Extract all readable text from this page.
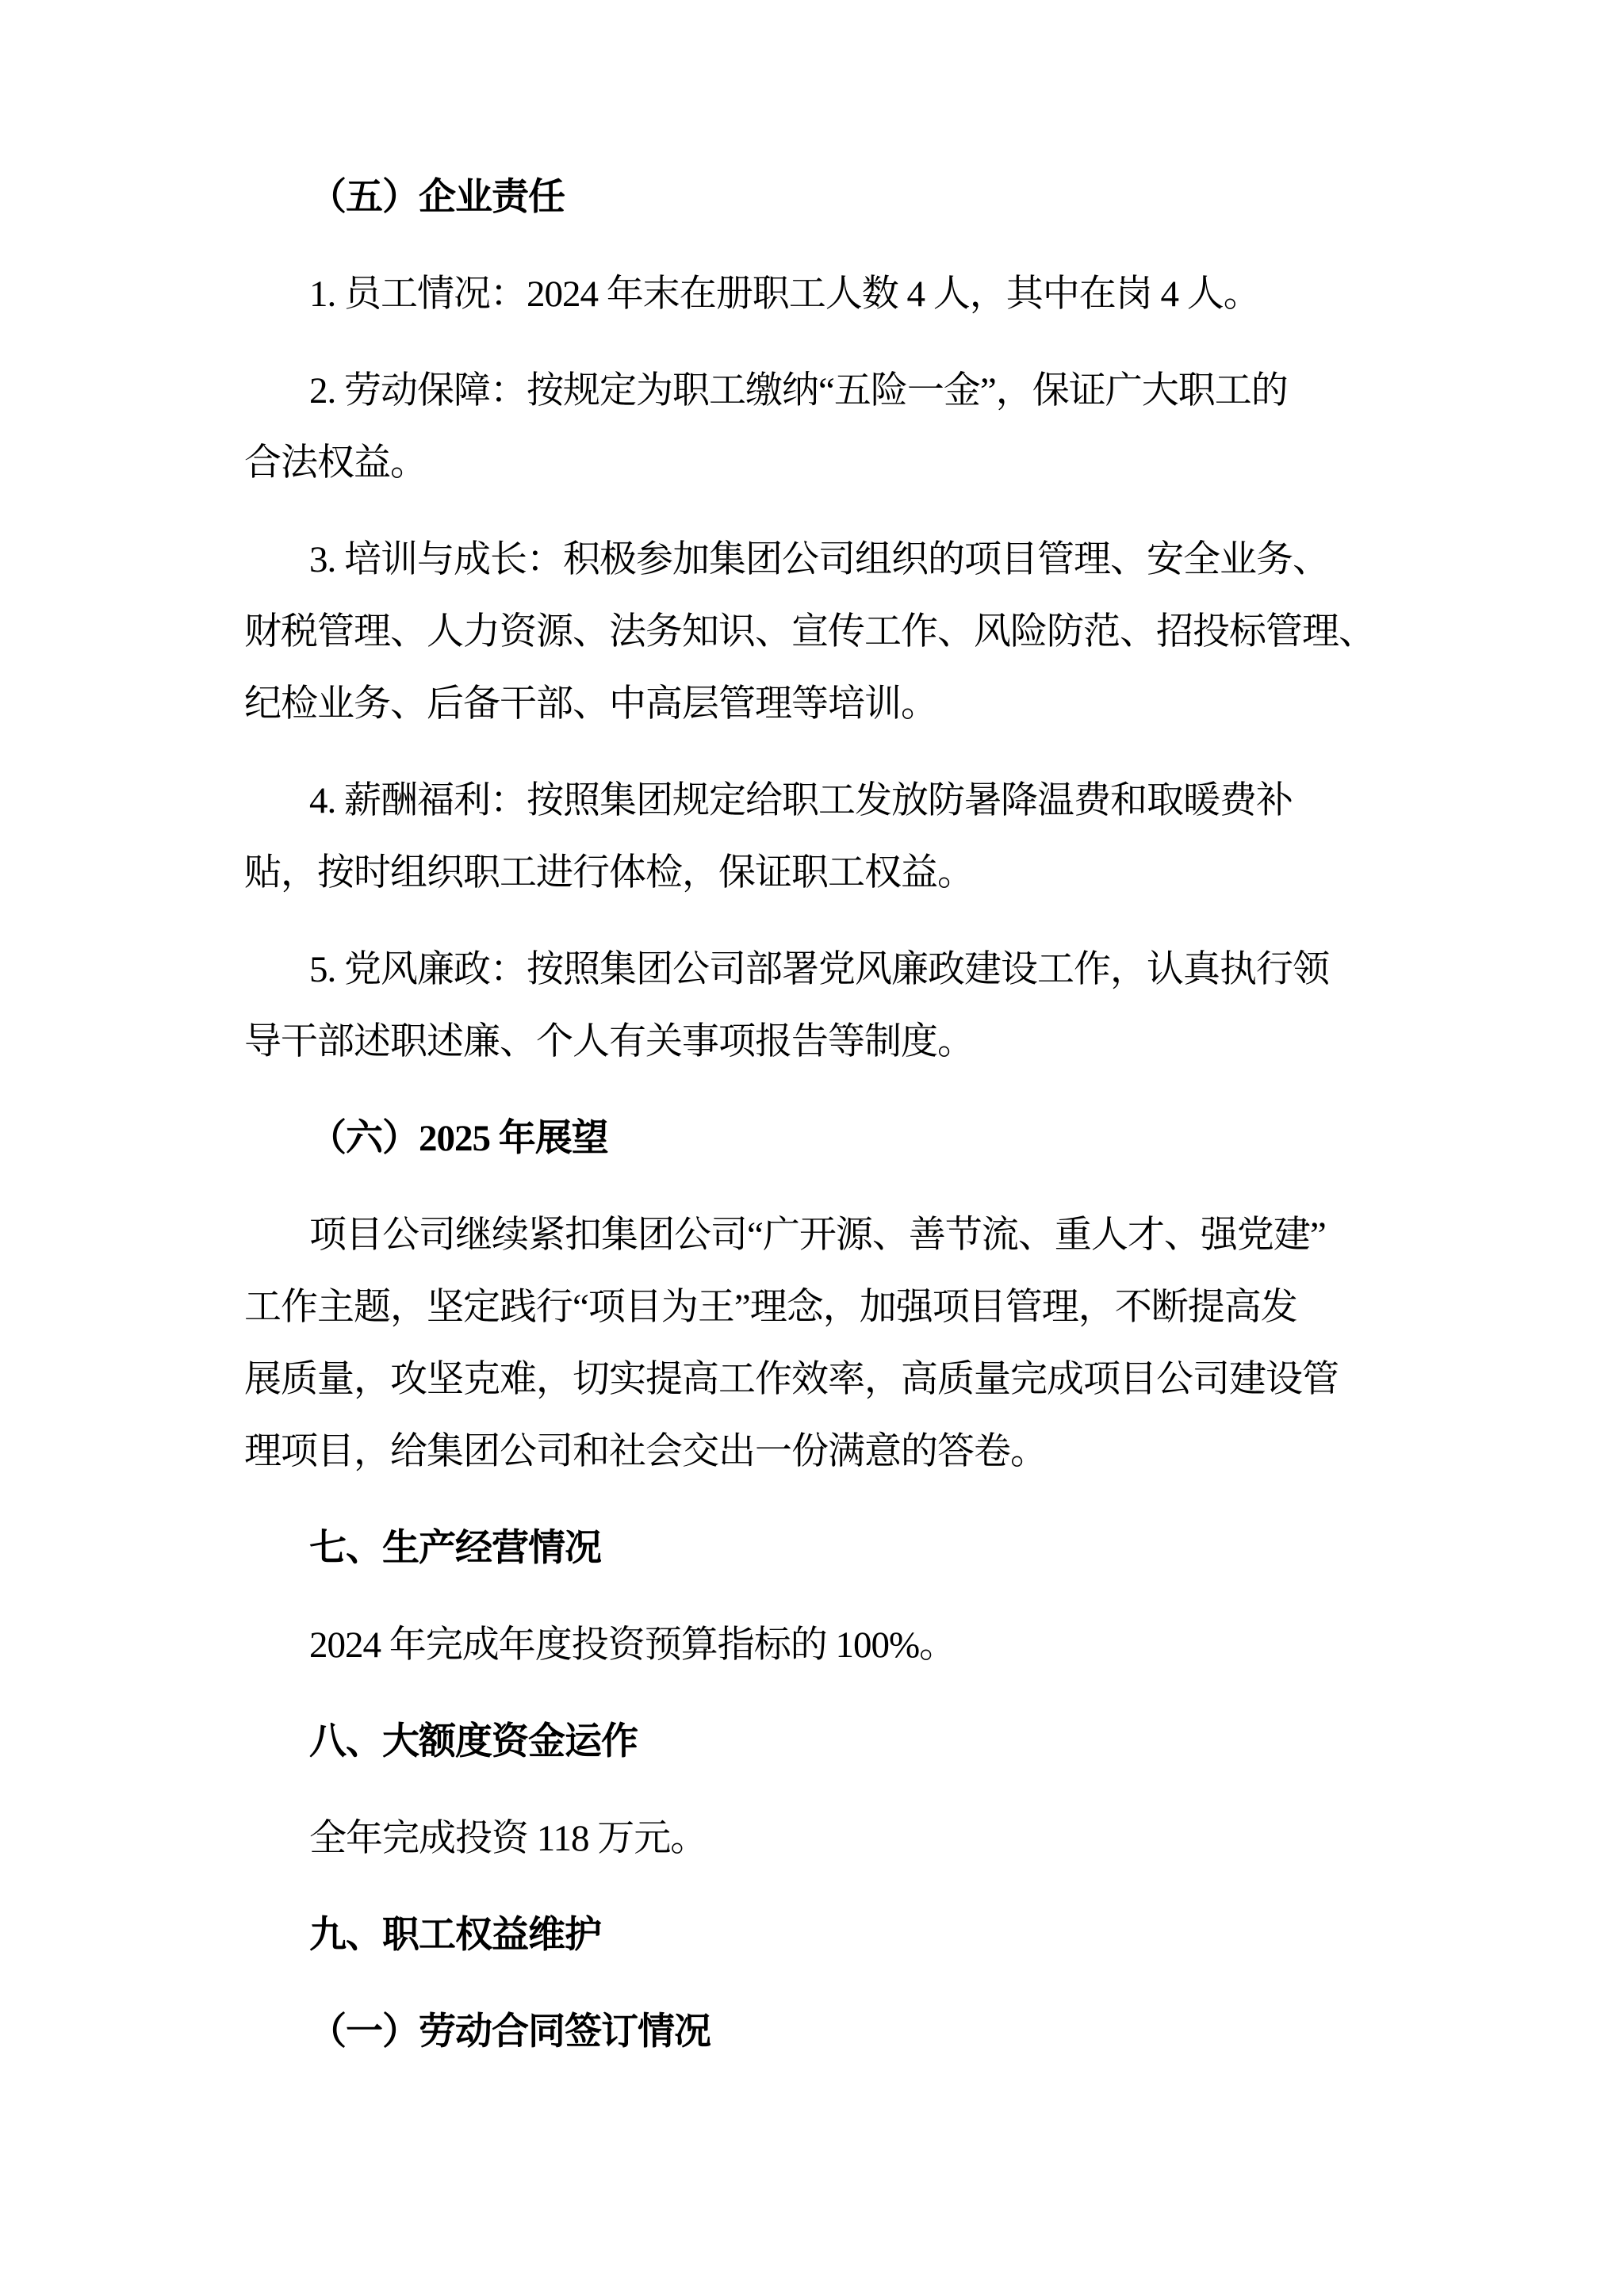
（五）企业责任
1. 员工情况：2024 年末在册职工人数 4 人，其中在岗 4 人。
2. 劳动保障：按规定为职工缴纳“五险一金”，保证广大职工的
合法权益。
3. 培训与成长：积极参加集团公司组织的项目管理、安全业务、
财税管理、人力资源、法务知识、宣传工作、风险防范、招投标管理、
纪检业务、后备干部、中高层管理等培训。
4. 薪酬福利：按照集团规定给职工发放防暑降温费和取暖费补
贴，按时组织职工进行体检，保证职工权益。
5. 党风廉政：按照集团公司部署党风廉政建设工作，认真执行领
导干部述职述廉、个人有关事项报告等制度。
（六）2025 年展望
项目公司继续紧扣集团公司“广开源、善节流、重人才、强党建”
工作主题，坚定践行“项目为王”理念，加强项目管理，不断提高发
展质量，攻坚克难，切实提高工作效率，高质量完成项目公司建设管
理项目，给集团公司和社会交出一份满意的答卷。
七、生产经营情况
2024 年完成年度投资预算指标的 100%。
八、大额度资金运作
全年完成投资 118 万元。
九、职工权益维护
（一）劳动合同签订情况
